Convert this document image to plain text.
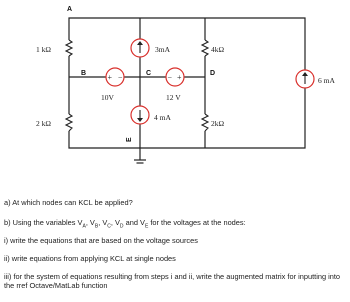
+ −	− +
A
B	C	D
E
1 kΩ
2 kΩ
4kΩ
2kΩ
3mA
4 mA
6 mA
10V	12 V
a) At which nodes can KCL be applied?
b) Using the variables $V_A$, $V_B$, $V_C$, $V_D$ and $V_E$ for the voltages at the nodes:
i) write the equations that are based on the voltage sources
ii) write equations from applying KCL at single nodes
iii) for the system of equations resulting from steps i and ii, write the augmented matrix for inputting into the rref Octave/MatLab function
